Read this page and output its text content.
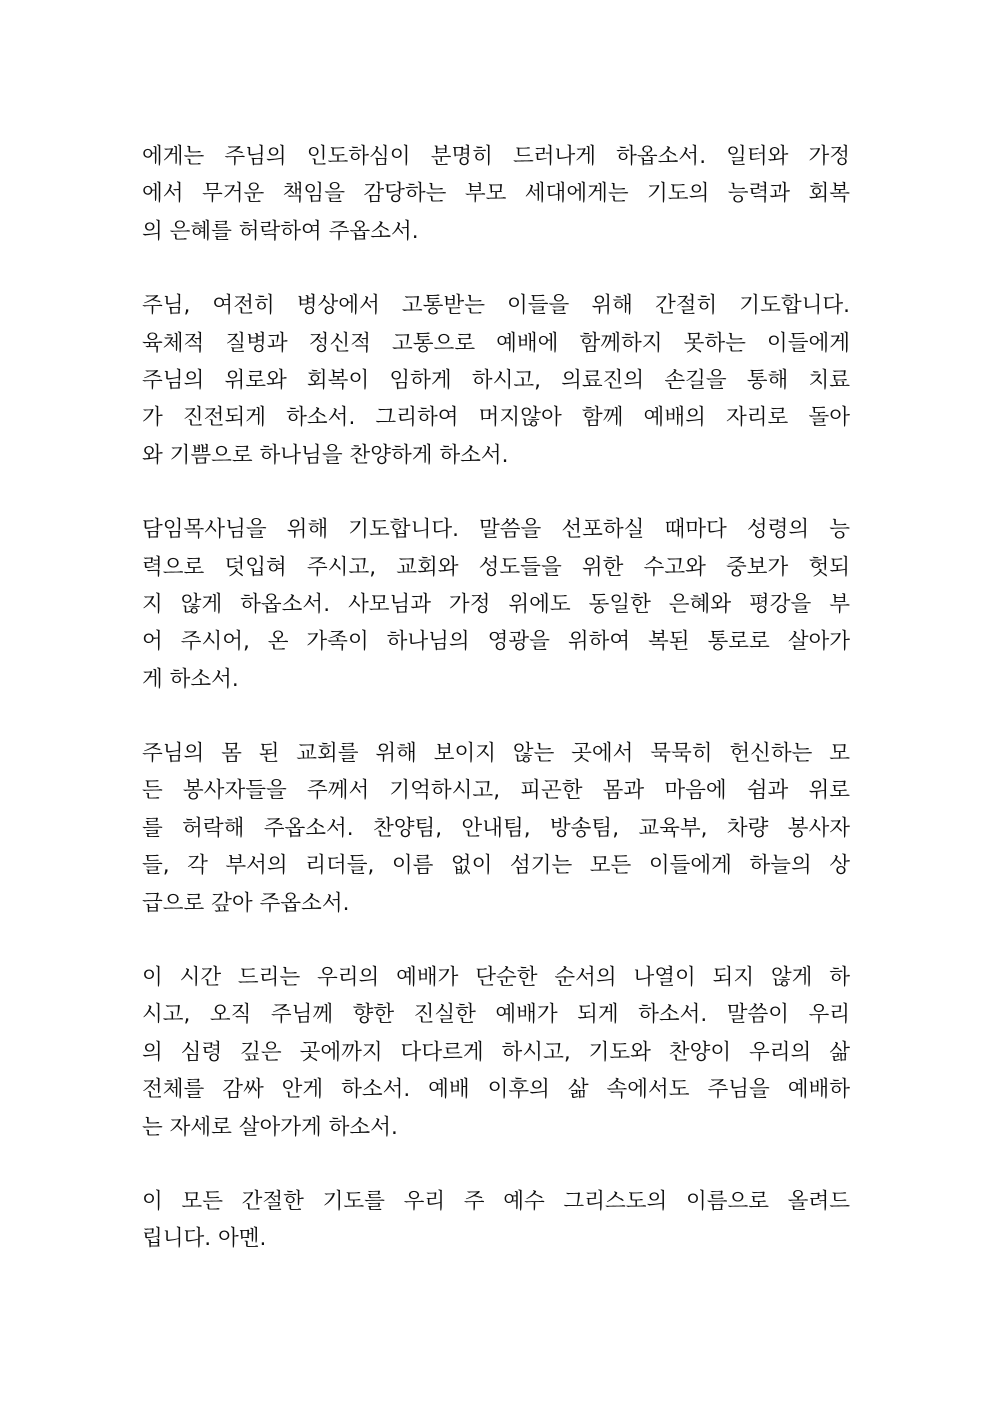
에게는 주님의 인도하심이 분명히 드러나게 하옵소서. 일터와 가정
에서 무거운 책임을 감당하는 부모 세대에게는 기도의 능력과 회복
의 은혜를 허락하여 주옵소서.
주님, 여전히 병상에서 고통받는 이들을 위해 간절히 기도합니다.
육체적 질병과 정신적 고통으로 예배에 함께하지 못하는 이들에게
주님의 위로와 회복이 임하게 하시고, 의료진의 손길을 통해 치료
가 진전되게 하소서. 그리하여 머지않아 함께 예배의 자리로 돌아
와 기쁨으로 하나님을 찬양하게 하소서.
담임목사님을 위해 기도합니다. 말씀을 선포하실 때마다 성령의 능
력으로 덧입혀 주시고, 교회와 성도들을 위한 수고와 중보가 헛되
지 않게 하옵소서. 사모님과 가정 위에도 동일한 은혜와 평강을 부
어 주시어, 온 가족이 하나님의 영광을 위하여 복된 통로로 살아가
게 하소서.
주님의 몸 된 교회를 위해 보이지 않는 곳에서 묵묵히 헌신하는 모
든 봉사자들을 주께서 기억하시고, 피곤한 몸과 마음에 쉼과 위로
를 허락해 주옵소서. 찬양팀, 안내팀, 방송팀, 교육부, 차량 봉사자
들, 각 부서의 리더들, 이름 없이 섬기는 모든 이들에게 하늘의 상
급으로 갚아 주옵소서.
이 시간 드리는 우리의 예배가 단순한 순서의 나열이 되지 않게 하
시고, 오직 주님께 향한 진실한 예배가 되게 하소서. 말씀이 우리
의 심령 깊은 곳에까지 다다르게 하시고, 기도와 찬양이 우리의 삶
전체를 감싸 안게 하소서. 예배 이후의 삶 속에서도 주님을 예배하
는 자세로 살아가게 하소서.
이 모든 간절한 기도를 우리 주 예수 그리스도의 이름으로 올려드
립니다. 아멘.
